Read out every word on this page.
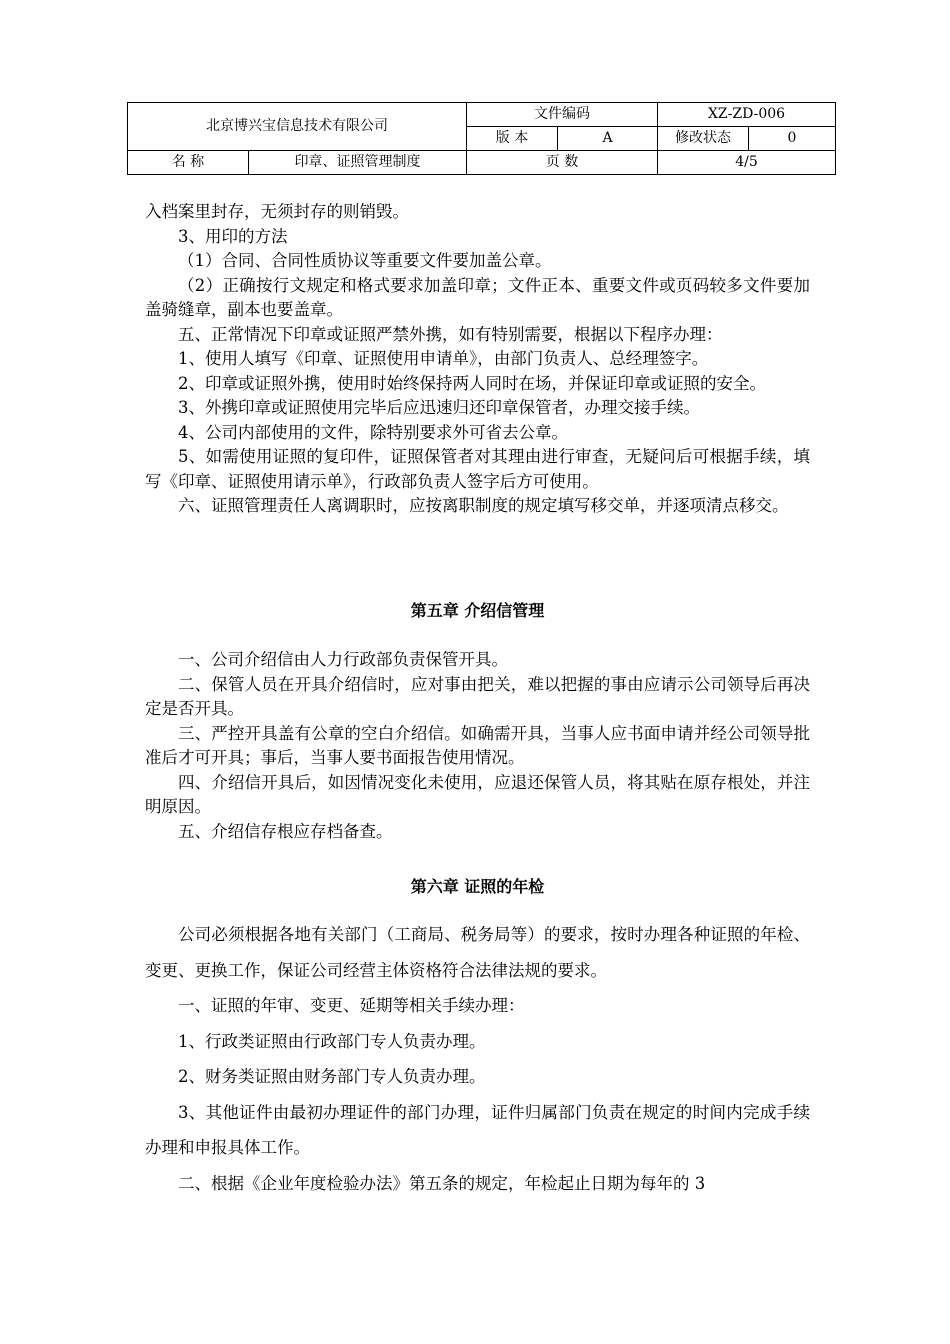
北京博兴宝信息技术有限公司		文件编码		XZ-ZD-006	
		版 本	A	修改状态	0
名 称	印章、证照管理制度	页 数		4/5	

入档案里封存，无须封存的则销毁。

3、用印的方法

（1）合同、合同性质协议等重要文件要加盖公章。

（2）正确按行文规定和格式要求加盖印章；文件正本、重要文件或页码较多文件要加盖骑缝章，副本也要盖章。

五、正常情况下印章或证照严禁外携，如有特别需要，根据以下程序办理：

1、使用人填写《印章、证照使用申请单》，由部门负责人、总经理签字。

2、印章或证照外携，使用时始终保持两人同时在场，并保证印章或证照的安全。

3、外携印章或证照使用完毕后应迅速归还印章保管者，办理交接手续。

4、公司内部使用的文件，除特别要求外可省去公章。

5、如需使用证照的复印件，证照保管者对其理由进行审查，无疑问后可根据手续，填写《印章、证照使用请示单》，行政部负责人签字后方可使用。

六、证照管理责任人离调职时，应按离职制度的规定填写移交单，并逐项清点移交。

第五章 介绍信管理

一、公司介绍信由人力行政部负责保管开具。

二、保管人员在开具介绍信时，应对事由把关，难以把握的事由应请示公司领导后再决定是否开具。

三、严控开具盖有公章的空白介绍信。如确需开具，当事人应书面申请并经公司领导批准后才可开具；事后，当事人要书面报告使用情况。

四、介绍信开具后，如因情况变化未使用，应退还保管人员，将其贴在原存根处，并注明原因。

五、介绍信存根应存档备查。

第六章 证照的年检

公司必须根据各地有关部门（工商局、税务局等）的要求，按时办理各种证照的年检、变更、更换工作，保证公司经营主体资格符合法律法规的要求。

一、证照的年审、变更、延期等相关手续办理：

1、行政类证照由行政部门专人负责办理。

2、财务类证照由财务部门专人负责办理。

3、其他证件由最初办理证件的部门办理，证件归属部门负责在规定的时间内完成手续办理和申报具体工作。

二、根据《企业年度检验办法》第五条的规定，年检起止日期为每年的 3
